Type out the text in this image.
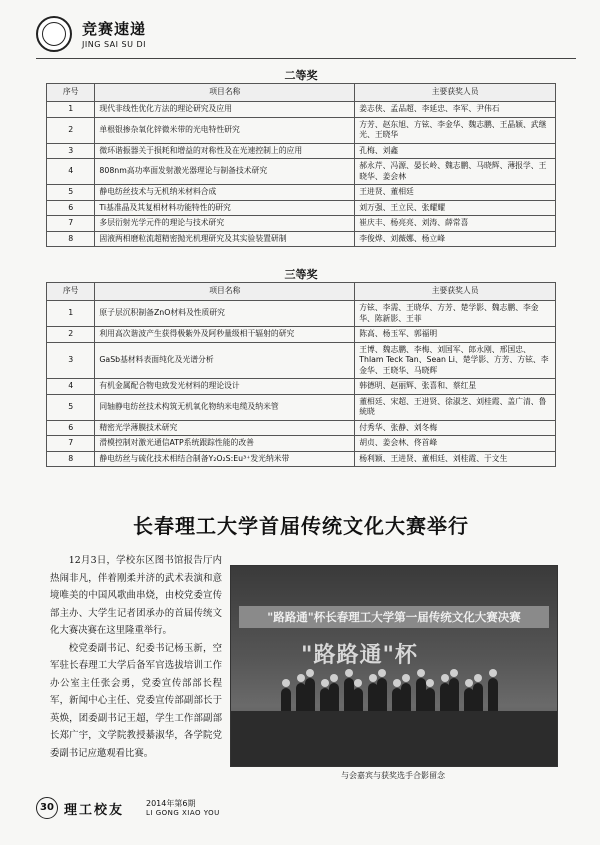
竞赛速递
JING SAI SU DI
二等奖
序号	项目名称	主要获奖人员
1	现代非线性优化方法的理论研究及应用	姜志侠、孟品超、李延忠、李军、尹伟石
2	单根银掺杂氧化锌微米带的光电特性研究	方芳、赵东旭、方铉、李金华、魏志鹏、王晶颖、武继光、王晓华
3	微环谐振器关于损耗和增益的对称性及在光速控制上的应用	孔梅、刘鑫
4	808nm高功率面发射激光器理论与制备技术研究	郝永芹、冯源、晏长岭、魏志鹏、马晓辉、薄报学、王晓华、姜会林
5	静电纺丝技术与无机纳米材料合成	王进贤、董相廷
6	Ti基准晶及其复相材料功能特性的研究	刘万强、王立民、张耀耀
7	多层衍射光学元件的理论与技术研究	崔庆丰、杨亮亮、刘涛、薛常喜
8	固液两相磨粒流超精密抛光机理研究及其实验装置研制	李俊烨、刘薇娜、杨立峰
三等奖
序号	项目名称	主要获奖人员
1	原子层沉积制备ZnO材料及性质研究	方铉、李需、王晓华、方芳、楚学影、魏志鹏、李金华、陈新影、王菲
2	利用高次谐波产生获得极紫外及阿秒量级相干辐射的研究	陈高、杨玉军、郭福明
3	GaSb基材料表面纯化及光谱分析	王博、魏志鹏、李梅、刘国军、郎永刚、邢国忠、Thlam Teck Tan、Sean Li、楚学影、方芳、方铉、李金华、王晓华、马晓辉
4	有机金属配合物电致发光材料的理论设计	韩德明、赵丽辉、张喜和、蔡红星
5	同轴静电纺丝技术构筑无机氧化物纳米电缆及纳米管	董相廷、宋超、王进贤、徐淑芝、刘桂霞、盖广清、鲁統晓
6	精密光学薄膜技术研究	付秀华、张静、刘冬梅
7	滑模控制对激光通信ATP系统跟踪性能的改善	胡贞、姜会林、佟首峰
8	静电纺丝与硫化技术相结合制备Y₂O₂S:Eu³⁺发光纳米带	杨利颖、王进贤、董相廷、刘桂霞、于文生
长春理工大学首届传统文化大赛举行

12月3日，学校东区图书馆报告厅内热闹非凡，伴着刚柔并济的武术表演和意境唯美的中国风歌曲串烧，由校党委宣传部主办、大学生记者团承办的首届传统文化大赛决赛在这里隆重举行。

校党委副书记、纪委书记杨玉新，空军驻长春理工大学后备军官选拔培训工作办公室主任张会勇，党委宣传部部长程军，新闻中心主任、党委宣传部副部长于英焕，团委副书记王超，学生工作部副部长郑广宇，文学院教授綦淑华，各学院党委副书记应邀观看比赛。

"路路通"杯长春理工大学第一届传统文化大赛决赛
"路路通"杯
与会嘉宾与获奖选手合影留念
30 理工校友	2014年第6期
LI GONG XIAO YOU
